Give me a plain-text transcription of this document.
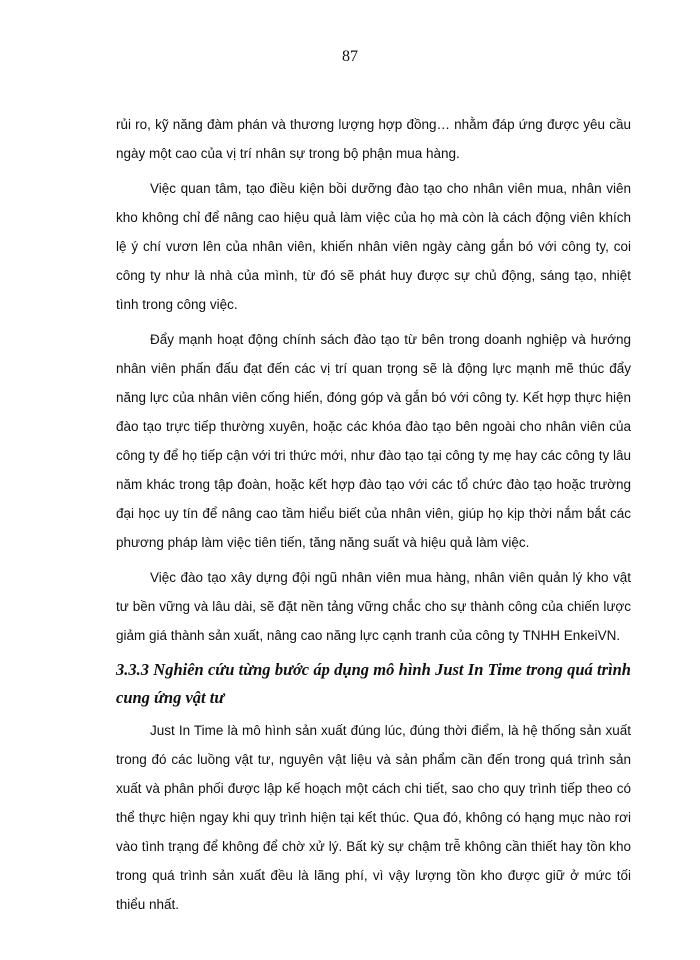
87

rủi ro, kỹ năng đàm phán và thương lượng hợp đồng… nhằm đáp ứng được yêu cầu ngày một cao của vị trí nhân sự trong bộ phận mua hàng.

Việc quan tâm, tạo điều kiện bồi dưỡng đào tạo cho nhân viên mua, nhân viên kho không chỉ để nâng cao hiệu quả làm việc của họ mà còn là cách động viên khích lệ ý chí vươn lên của nhân viên, khiến nhân viên ngày càng gắn bó với công ty, coi công ty như là nhà của mình, từ đó sẽ phát huy được sự chủ động, sáng tạo, nhiệt tình trong công việc.

Đẩy mạnh hoạt động chính sách đào tạo từ bên trong doanh nghiệp và hướng nhân viên phấn đấu đạt đến các vị trí quan trọng sẽ là động lực mạnh mẽ thúc đẩy năng lực của nhân viên cống hiến, đóng góp và gắn bó với công ty. Kết hợp thực hiện đào tạo trực tiếp thường xuyên, hoặc các khóa đào tạo bên ngoài cho nhân viên của công ty để họ tiếp cận với tri thức mới, như đào tạo tại công ty mẹ hay các công ty lâu năm khác trong tập đoàn, hoặc kết hợp đào tạo với các tổ chức đào tạo hoặc trường đại học uy tín để nâng cao tầm hiểu biết của nhân viên, giúp họ kịp thời nắm bắt các phương pháp làm việc tiên tiến, tăng năng suất và hiệu quả làm việc.

Việc đào tạo xây dựng đội ngũ nhân viên mua hàng, nhân viên quản lý kho vật tư bền vững và lâu dài, sẽ đặt nền tảng vững chắc cho sự thành công của chiến lược giảm giá thành sản xuất, nâng cao năng lực cạnh tranh của công ty TNHH EnkeiVN.

3.3.3 Nghiên cứu từng bước áp dụng mô hình Just In Time trong quá trình cung ứng vật tư

Just In Time là mô hình sản xuất đúng lúc, đúng thời điểm, là hệ thống sản xuất trong đó các luồng vật tư, nguyên vật liệu và sản phẩm cần đến trong quá trình sản xuất và phân phối được lập kế hoạch một cách chi tiết, sao cho quy trình tiếp theo có thể thực hiện ngay khi quy trình hiện tại kết thúc. Qua đó, không có hạng mục nào rơi vào tình trạng để không để chờ xử lý. Bất kỳ sự chậm trễ không cần thiết hay tồn kho trong quá trình sản xuất đều là lãng phí, vì vậy lượng tồn kho được giữ ở mức tối thiểu nhất.
